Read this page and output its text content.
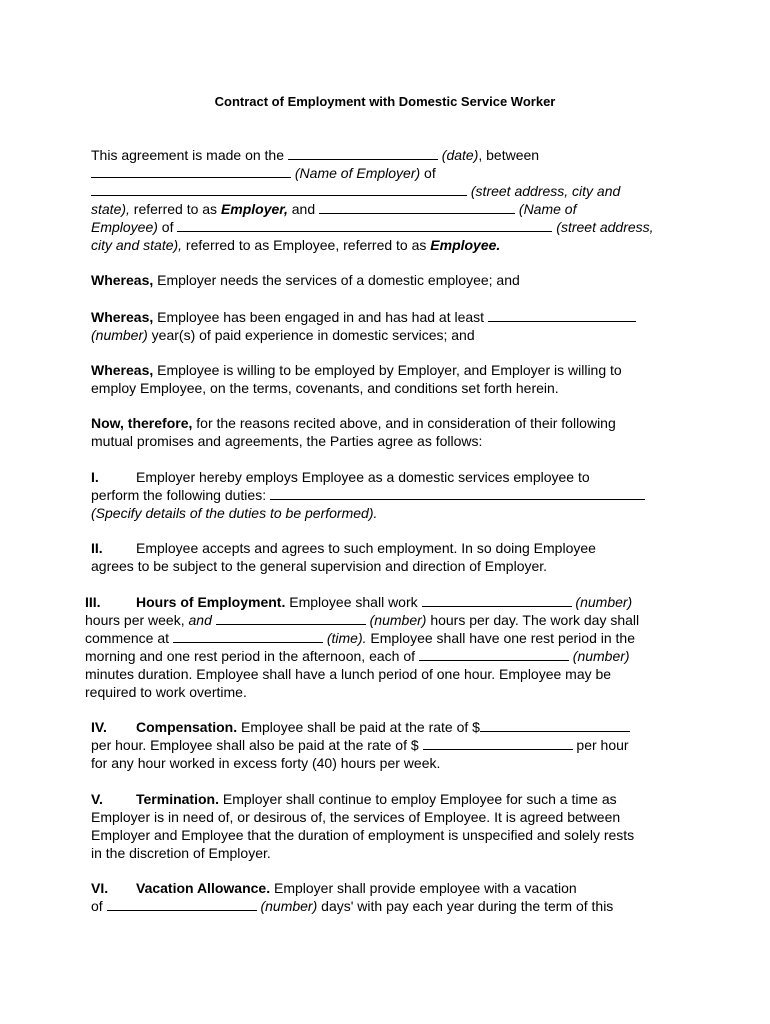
Contract of Employment with Domestic Service Worker
This agreement is made on the	(date), between
(Name of Employer) of
(street address, city and
state), referred to as Employer, and	(Name of
Employee) of	(street address,
city and state), referred to as Employee, referred to as Employee.
Whereas, Employer needs the services of a domestic employee; and
Whereas, Employee has been engaged in and has had at least
(number) year(s) of paid experience in domestic services; and
Whereas, Employee is willing to be employed by Employer, and Employer is willing to
employ Employee, on the terms, covenants, and conditions set forth herein.
Now, therefore, for the reasons recited above, and in consideration of their following
mutual promises and agreements, the Parties agree as follows:
I.	Employer hereby employs Employee as a domestic services employee to
perform the following duties:
(Specify details of the duties to be performed).
II. Employee accepts and agrees to such employment. In so doing Employee
agrees to be subject to the general supervision and direction of Employer.
III.	Hours of Employment. Employee shall work	(number)
hours per week, and	(number) hours per day. The work day shall
commence at	(time). Employee shall have one rest period in the
morning and one rest period in the afternoon, each of	(number)
minutes duration. Employee shall have a lunch period of one hour. Employee may be
required to work overtime.
IV. Compensation. Employee shall be paid at the rate of $
per hour. Employee shall also be paid at the rate of $	per hour
for any hour worked in excess forty (40) hours per week.
V. Termination. Employer shall continue to employ Employee for such a time as
Employer is in need of, or desirous of, the services of Employee. It is agreed between
Employer and Employee that the duration of employment is unspecified and solely rests
in the discretion of Employer.
VI. Vacation Allowance. Employer shall provide employee with a vacation
of	(number) days' with pay each year during the term of this
